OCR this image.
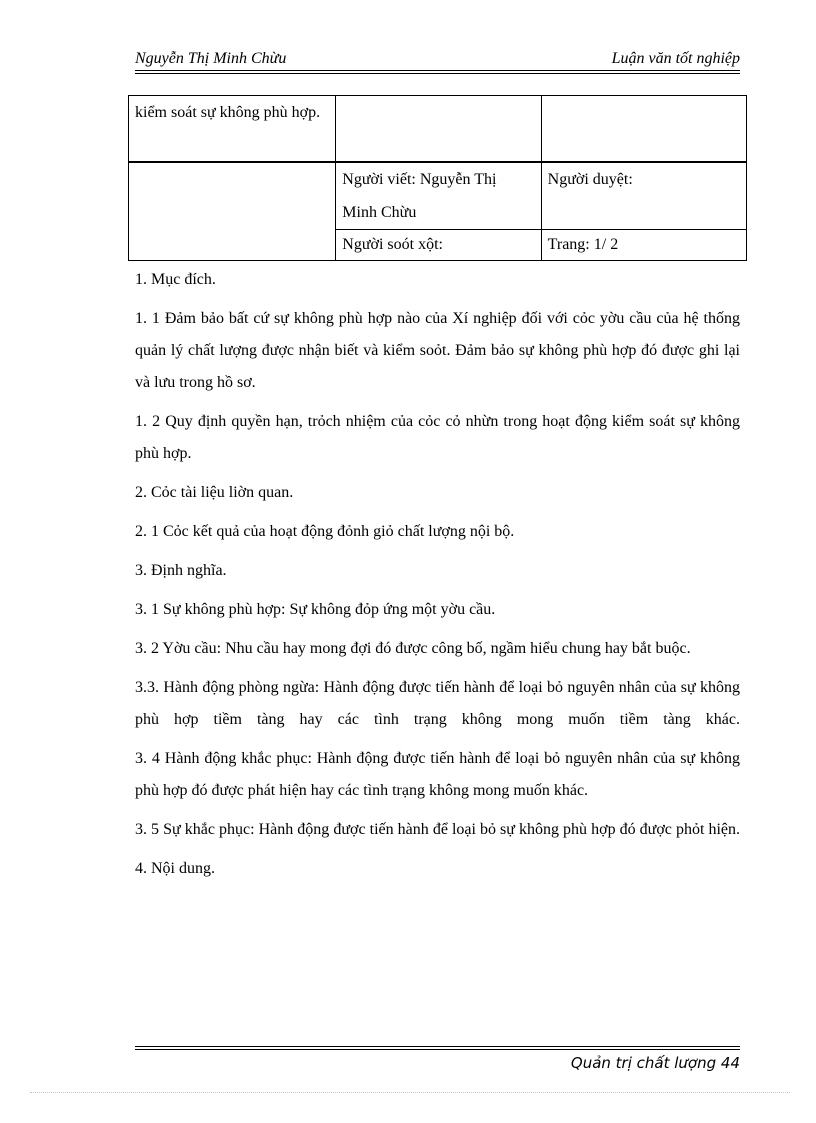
Nguyễn Thị Minh Chừu	Luận văn tốt nghiệp
kiểm soát sự không phù hợp.		
	Người viết: Nguyễn Thị Minh Chừu	Người duyệt:
	Người soót xột:	Trang: 1/ 2

1. Mục đích.

1. 1 Đảm bảo bất cứ sự không phù hợp nào của Xí nghiệp đối với cỏc yờu cầu của hệ thống quản lý chất lượng được nhận biết và kiểm soỏt. Đảm bảo sự không phù hợp đó được ghi lại và lưu trong hồ sơ.

1. 2 Quy định quyền hạn, trỏch nhiệm của cỏc cỏ nhừn trong hoạt động kiểm soát sự không phù hợp.

2. Cỏc tài liệu liờn quan.

2. 1 Cỏc kết quả của hoạt động đỏnh giỏ chất lượng nội bộ.

3. Định nghĩa.

3. 1 Sự không phù hợp: Sự không đỏp ứng một yờu cầu.

3. 2 Yờu cầu: Nhu cầu hay mong đợi đó được công bố, ngầm hiểu chung hay bắt buộc.

3.3. Hành động phòng ngừa: Hành động được tiến hành để loại bỏ nguyên nhân của sự không phù hợp tiềm tàng hay các tình trạng không mong muốn tiềm tàng khác.

3. 4 Hành động khắc phục: Hành động được tiến hành để loại bỏ nguyên nhân của sự không phù hợp đó được phát hiện hay các tình trạng không mong muốn khác.

3. 5 Sự khắc phục: Hành động được tiến hành để loại bỏ sự không phù hợp đó được phỏt hiện.

4. Nội dung.

Quản trị chất lượng 44
